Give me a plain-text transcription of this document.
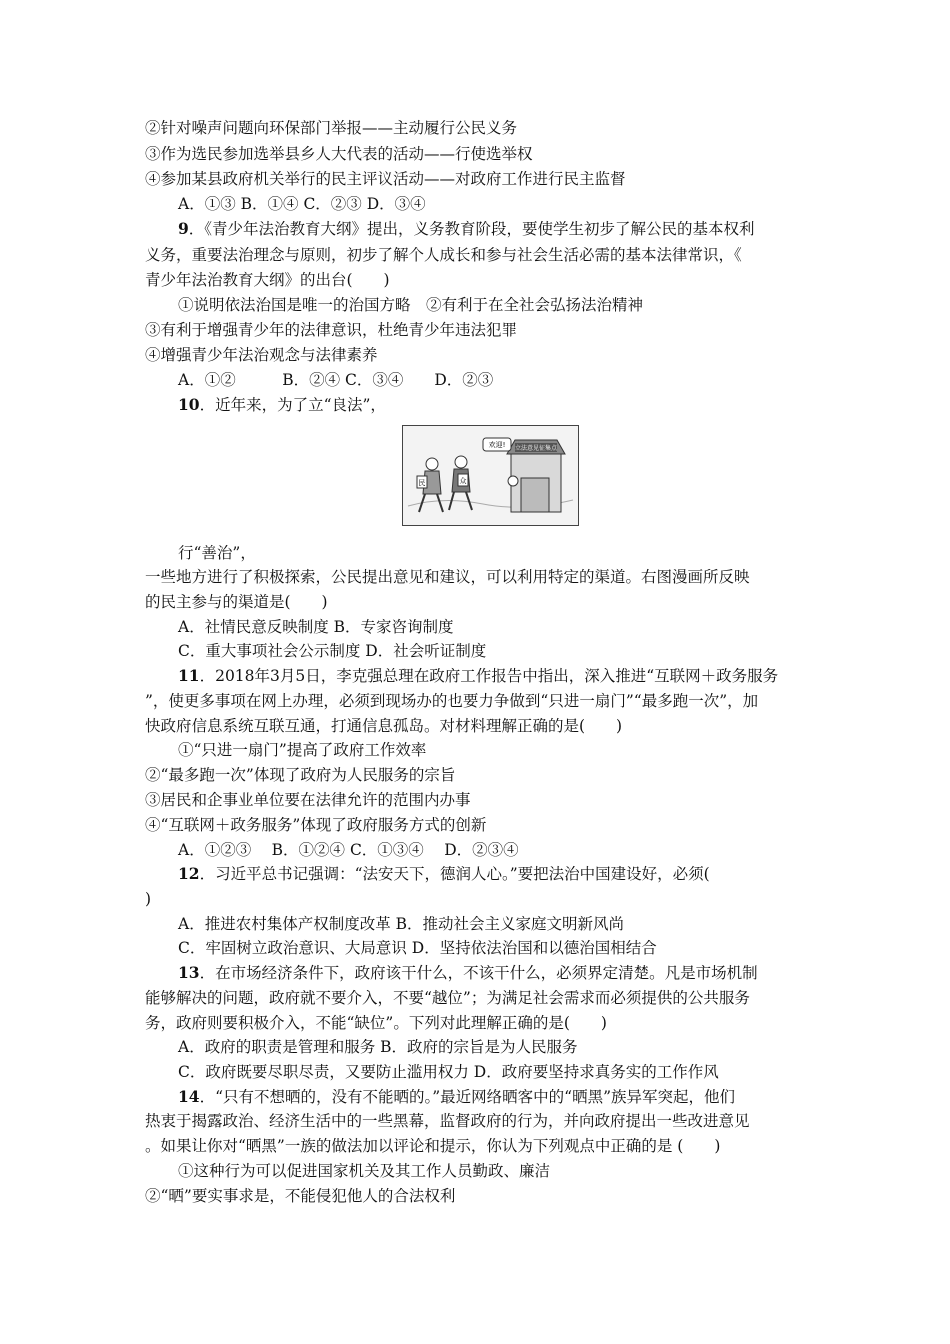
②针对噪声问题向环保部门举报——主动履行公民义务
③作为选民参加选举县乡人大代表的活动——行使选举权
④参加某县政府机关举行的民主评议活动——对政府工作进行民主监督
A．①③ B．①④ C．②③ D．③④
9．《青少年法治教育大纲》提出，义务教育阶段，要使学生初步了解公民的基本权利
义务，重要法治理念与原则，初步了解个人成长和参与社会生活必需的基本法律常识，《
青少年法治教育大纲》的出台(　　)
①说明依法治国是唯一的治国方略　②有利于在全社会弘扬法治精神
③有利于增强青少年的法律意识，杜绝青少年违法犯罪
④增强青少年法治观念与法律素养
A．①②　　　B．②④ C．③④　　D．②③
10．近年来，为了立“良法”，
立法意见征集点
欢迎!
民	众
行“善治”，
一些地方进行了积极探索，公民提出意见和建议，可以利用特定的渠道。右图漫画所反映
的民主参与的渠道是(　　)
A．社情民意反映制度 B．专家咨询制度
C．重大事项社会公示制度 D．社会听证制度
11．2018年3月5日，李克强总理在政府工作报告中指出，深入推进“互联网＋政务服务
”，使更多事项在网上办理，必须到现场办的也要力争做到“只进一扇门”“最多跑一次”，加
快政府信息系统互联互通，打通信息孤岛。对材料理解正确的是(　　)
①“只进一扇门”提高了政府工作效率
②“最多跑一次”体现了政府为人民服务的宗旨
③居民和企事业单位要在法律允许的范围内办事
④“互联网＋政务服务”体现了政府服务方式的创新
A．①②③　 B．①②④ C．①③④　 D．②③④
12．习近平总书记强调：“法安天下，德润人心。”要把法治中国建设好，必须(
)
A．推进农村集体产权制度改革 B．推动社会主义家庭文明新风尚
C．牢固树立政治意识、大局意识 D．坚持依法治国和以德治国相结合
13．在市场经济条件下，政府该干什么，不该干什么，必须界定清楚。凡是市场机制
能够解决的问题，政府就不要介入，不要“越位”；为满足社会需求而必须提供的公共服务
务，政府则要积极介入，不能“缺位”。下列对此理解正确的是(　　)
A．政府的职责是管理和服务 B．政府的宗旨是为人民服务
C．政府既要尽职尽责，又要防止滥用权力 D．政府要坚持求真务实的工作作风
14．“只有不想晒的，没有不能晒的。”最近网络晒客中的“晒黑”族异军突起，他们
热衷于揭露政治、经济生活中的一些黑幕，监督政府的行为，并向政府提出一些改进意见
。如果让你对“晒黑”一族的做法加以评论和提示，你认为下列观点中正确的是 (　　)
①这种行为可以促进国家机关及其工作人员勤政、廉洁
②“晒”要实事求是，不能侵犯他人的合法权利
